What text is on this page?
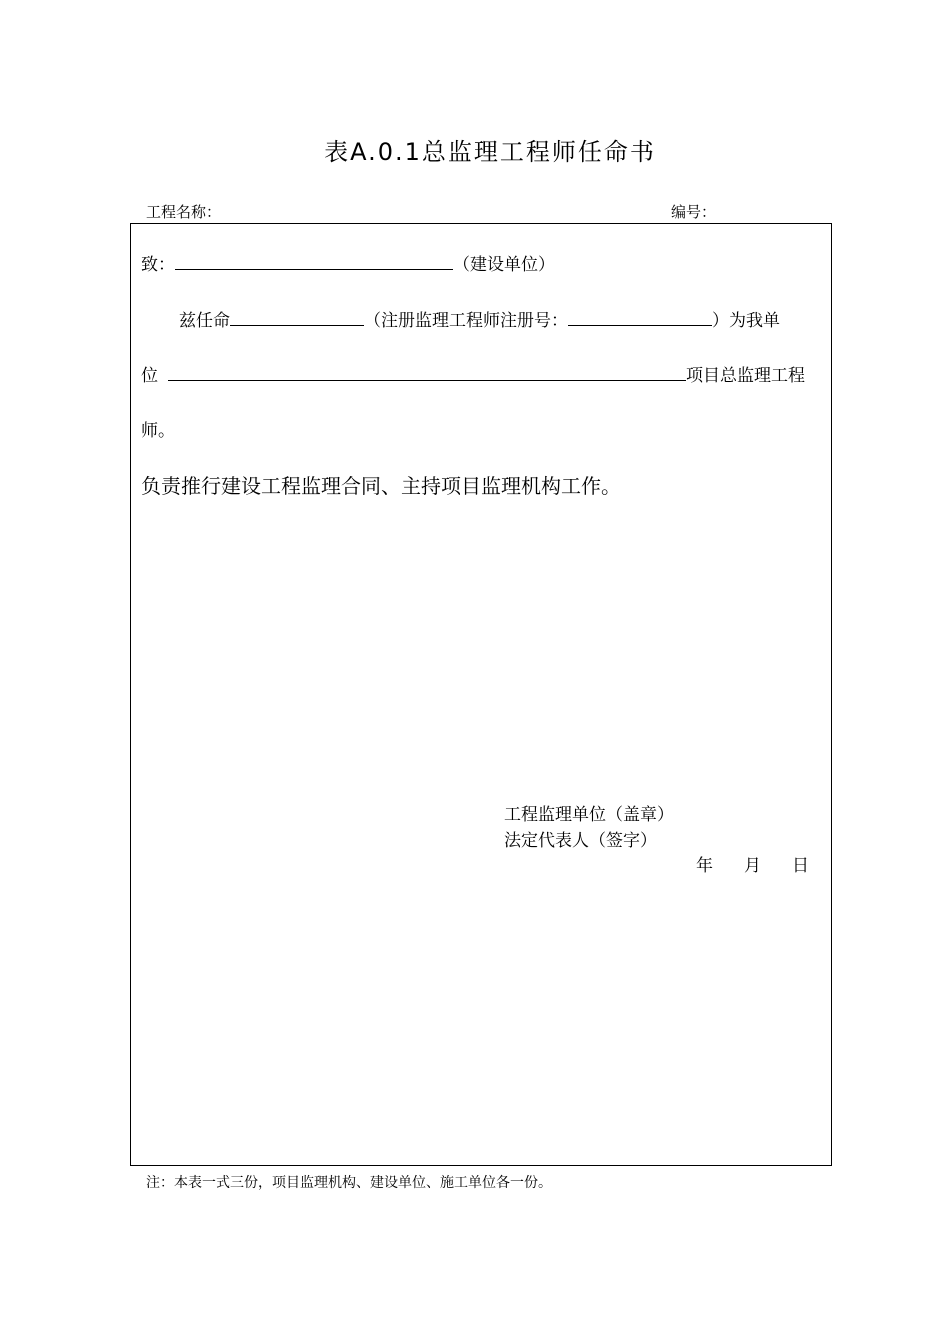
表A.0.1总监理工程师任命书
工程名称：	编号：
致：	（建设单位）
兹任命	（注册监理工程师注册号：	）为我单
位	项目总监理工程
师。
负责推行建设工程监理合同、主持项目监理机构工作。
工程监理单位（盖章）
法定代表人（签字）
年 月 日
注：本表一式三份，项目监理机构、建设单位、施工单位各一份。
